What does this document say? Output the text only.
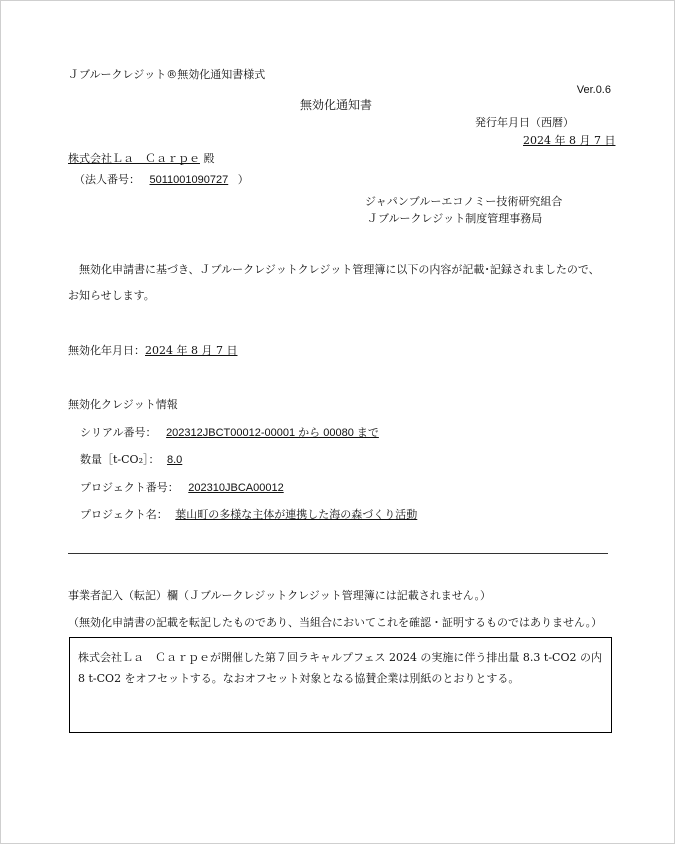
Ｊブルークレジット®無効化通知書様式
Ver.0.6
無効化通知書
発行年月日（西暦）
2024 年 8 月 7 日
株式会社Ｌａ　Ｃａｒｐｅ 殿
（法人番号： 5011001090727 ）
ジャパンブルーエコノミー技術研究組合
Ｊブルークレジット制度管理事務局
無効化申請書に基づき、Ｊブルークレジットクレジット管理簿に以下の内容が記載･記録されましたので、
お知らせします。
無効化年月日：2024 年 8 月 7 日
無効化クレジット情報
シリアル番号： 202312JBCT00012-00001 から 00080 まで
数量［t-CO₂］： 8.0
プロジェクト番号： 202310JBCA00012
プロジェクト名： 葉山町の多様な主体が連携した海の森づくり活動
事業者記入（転記）欄（Ｊブルークレジットクレジット管理簿には記載されません。）
（無効化申請書の記載を転記したものであり、当組合においてこれを確認・証明するものではありません。）
株式会社Ｌａ　Ｃａｒｐｅが開催した第７回ラキャルプフェス 2024 の実施に伴う排出量 8.3 t-CO2 の内 8 t-CO2 をオフセットする。なおオフセット対象となる協賛企業は別紙のとおりとする。
